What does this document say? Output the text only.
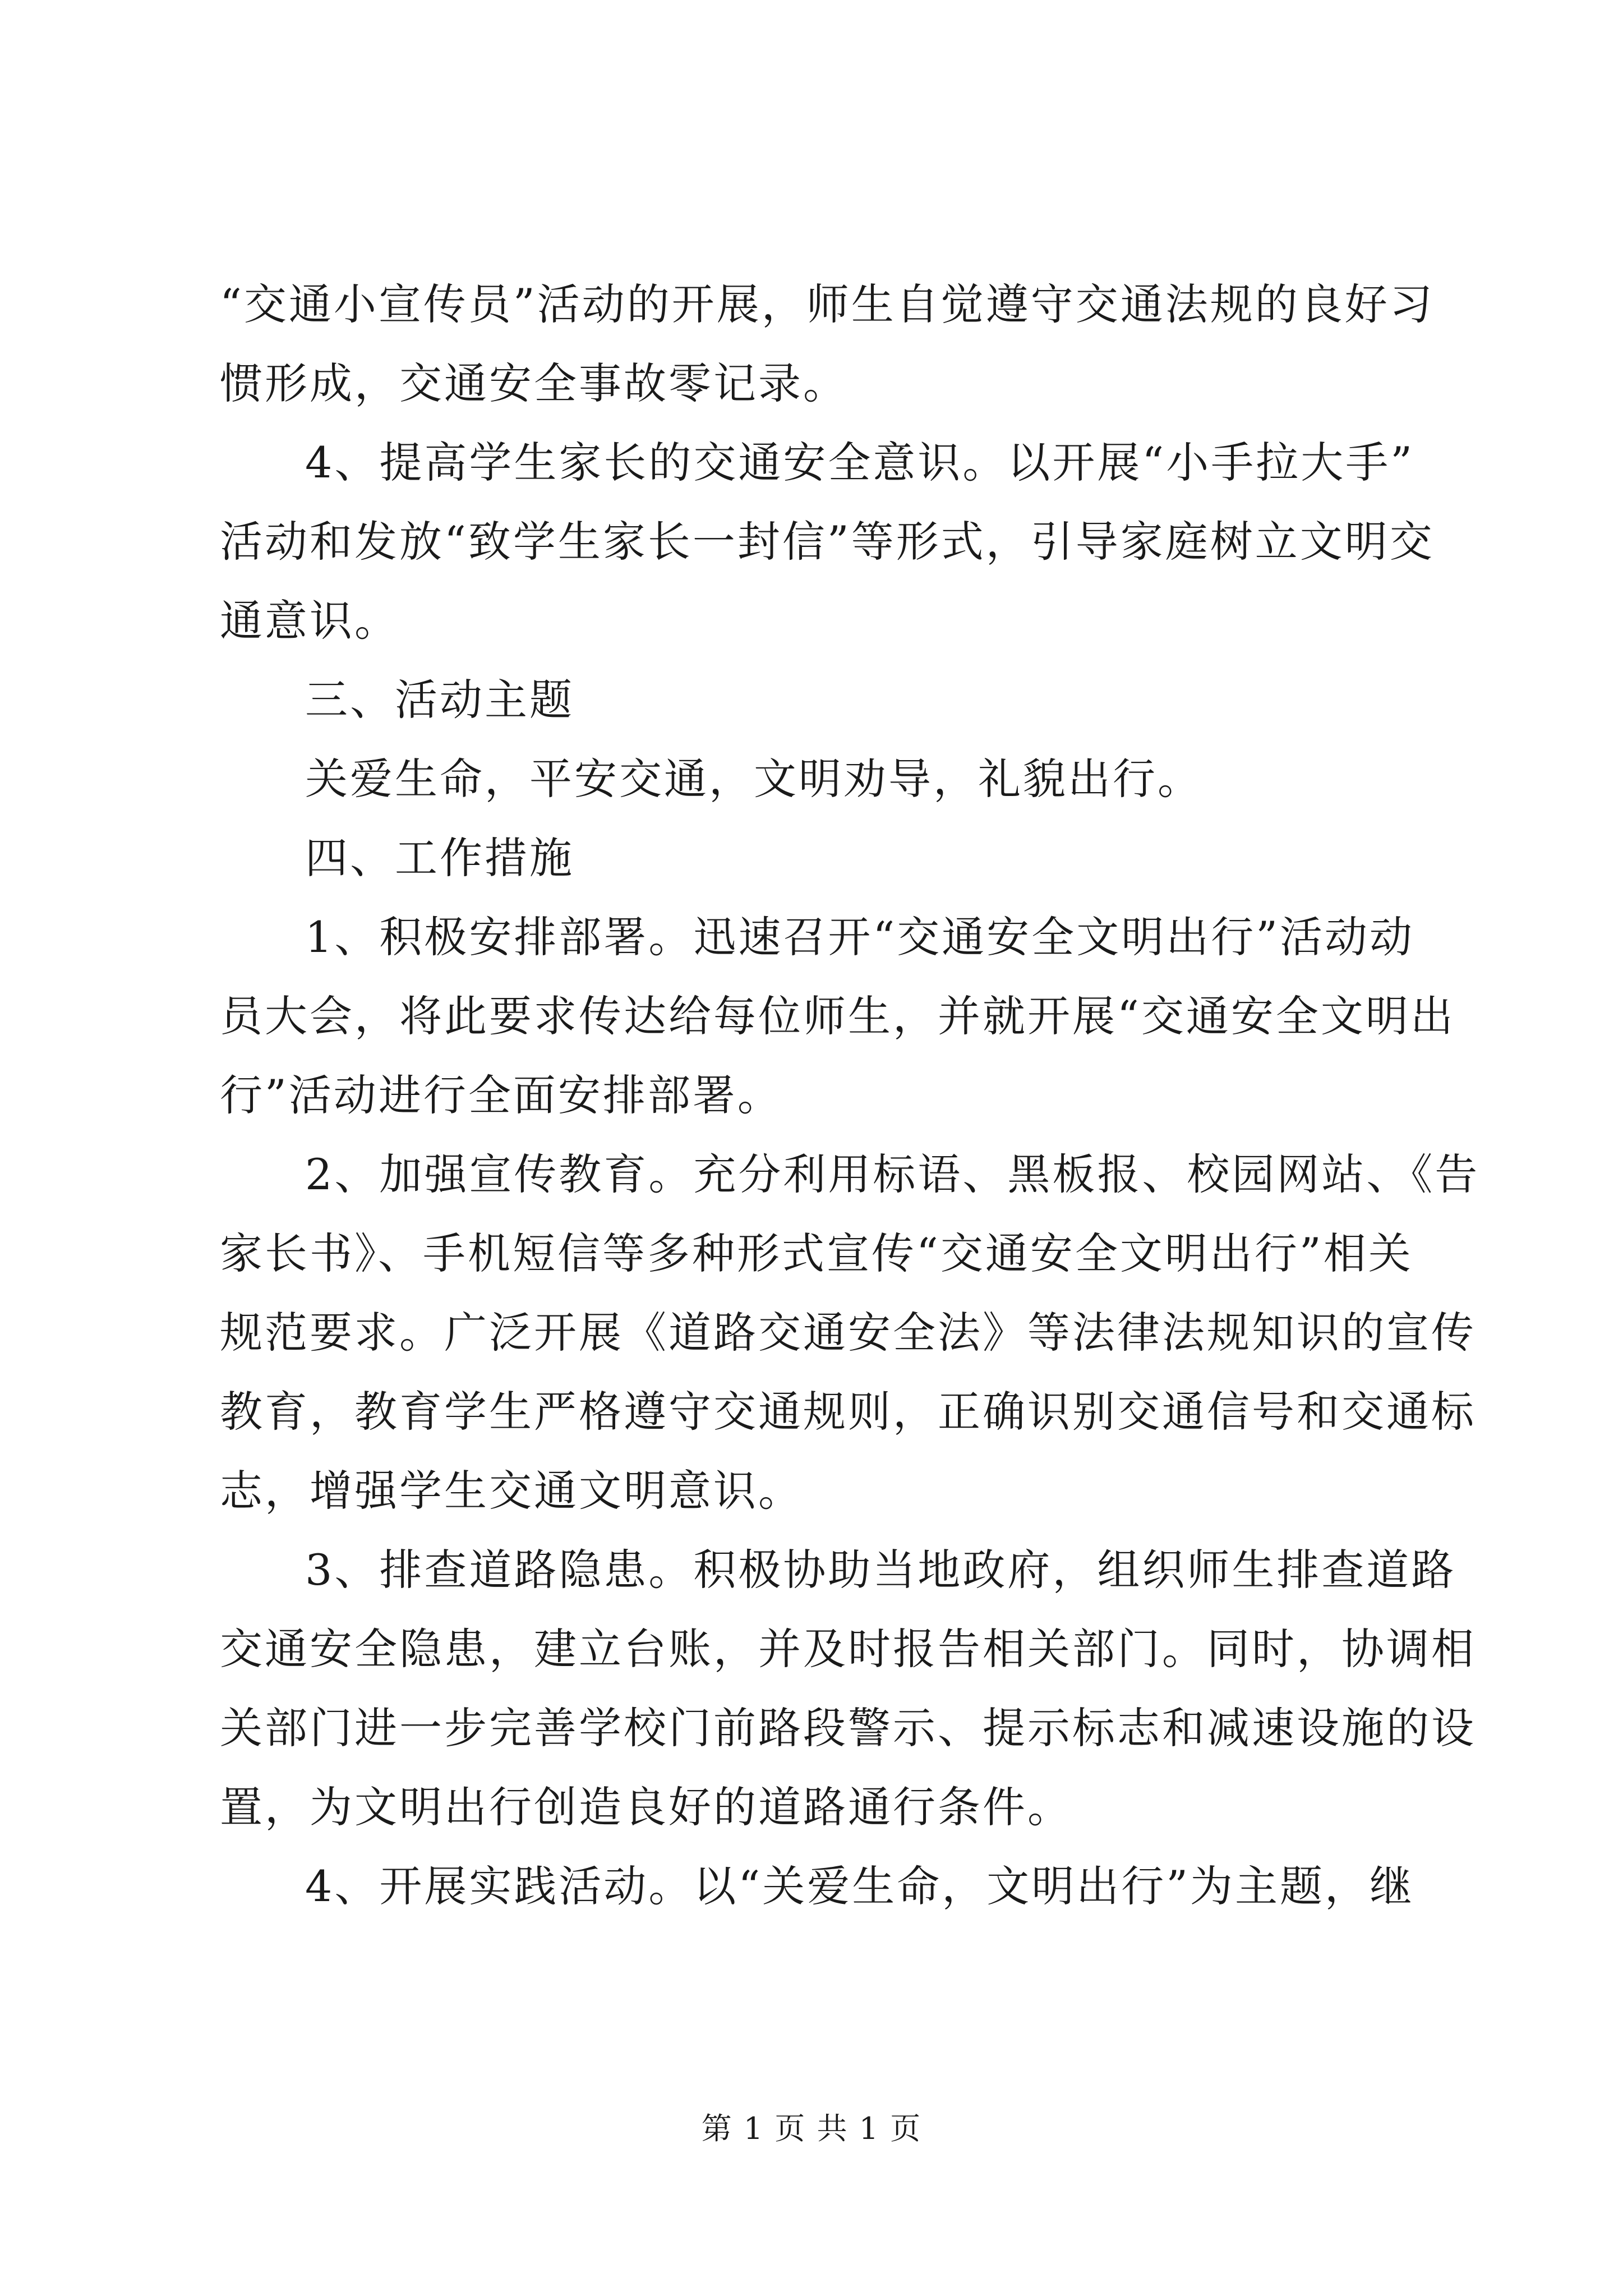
“交通小宣传员”活动的开展，师生自觉遵守交通法规的良好习
惯形成，交通安全事故零记录。
4、提高学生家长的交通安全意识。以开展“小手拉大手”
活动和发放“致学生家长一封信”等形式，引导家庭树立文明交
通意识。
三、活动主题
关爱生命，平安交通，文明劝导，礼貌出行。
四、工作措施
1、积极安排部署。迅速召开“交通安全文明出行”活动动
员大会，将此要求传达给每位师生，并就开展“交通安全文明出
行”活动进行全面安排部署。
2、加强宣传教育。充分利用标语、黑板报、校园网站、《告
家长书》、手机短信等多种形式宣传“交通安全文明出行”相关
规范要求。广泛开展《道路交通安全法》等法律法规知识的宣传
教育，教育学生严格遵守交通规则，正确识别交通信号和交通标
志，增强学生交通文明意识。
3、排查道路隐患。积极协助当地政府，组织师生排查道路
交通安全隐患，建立台账，并及时报告相关部门。同时，协调相
关部门进一步完善学校门前路段警示、提示标志和减速设施的设
置，为文明出行创造良好的道路通行条件。
4、开展实践活动。以“关爱生命，文明出行”为主题，继
第 1 页 共 1 页
